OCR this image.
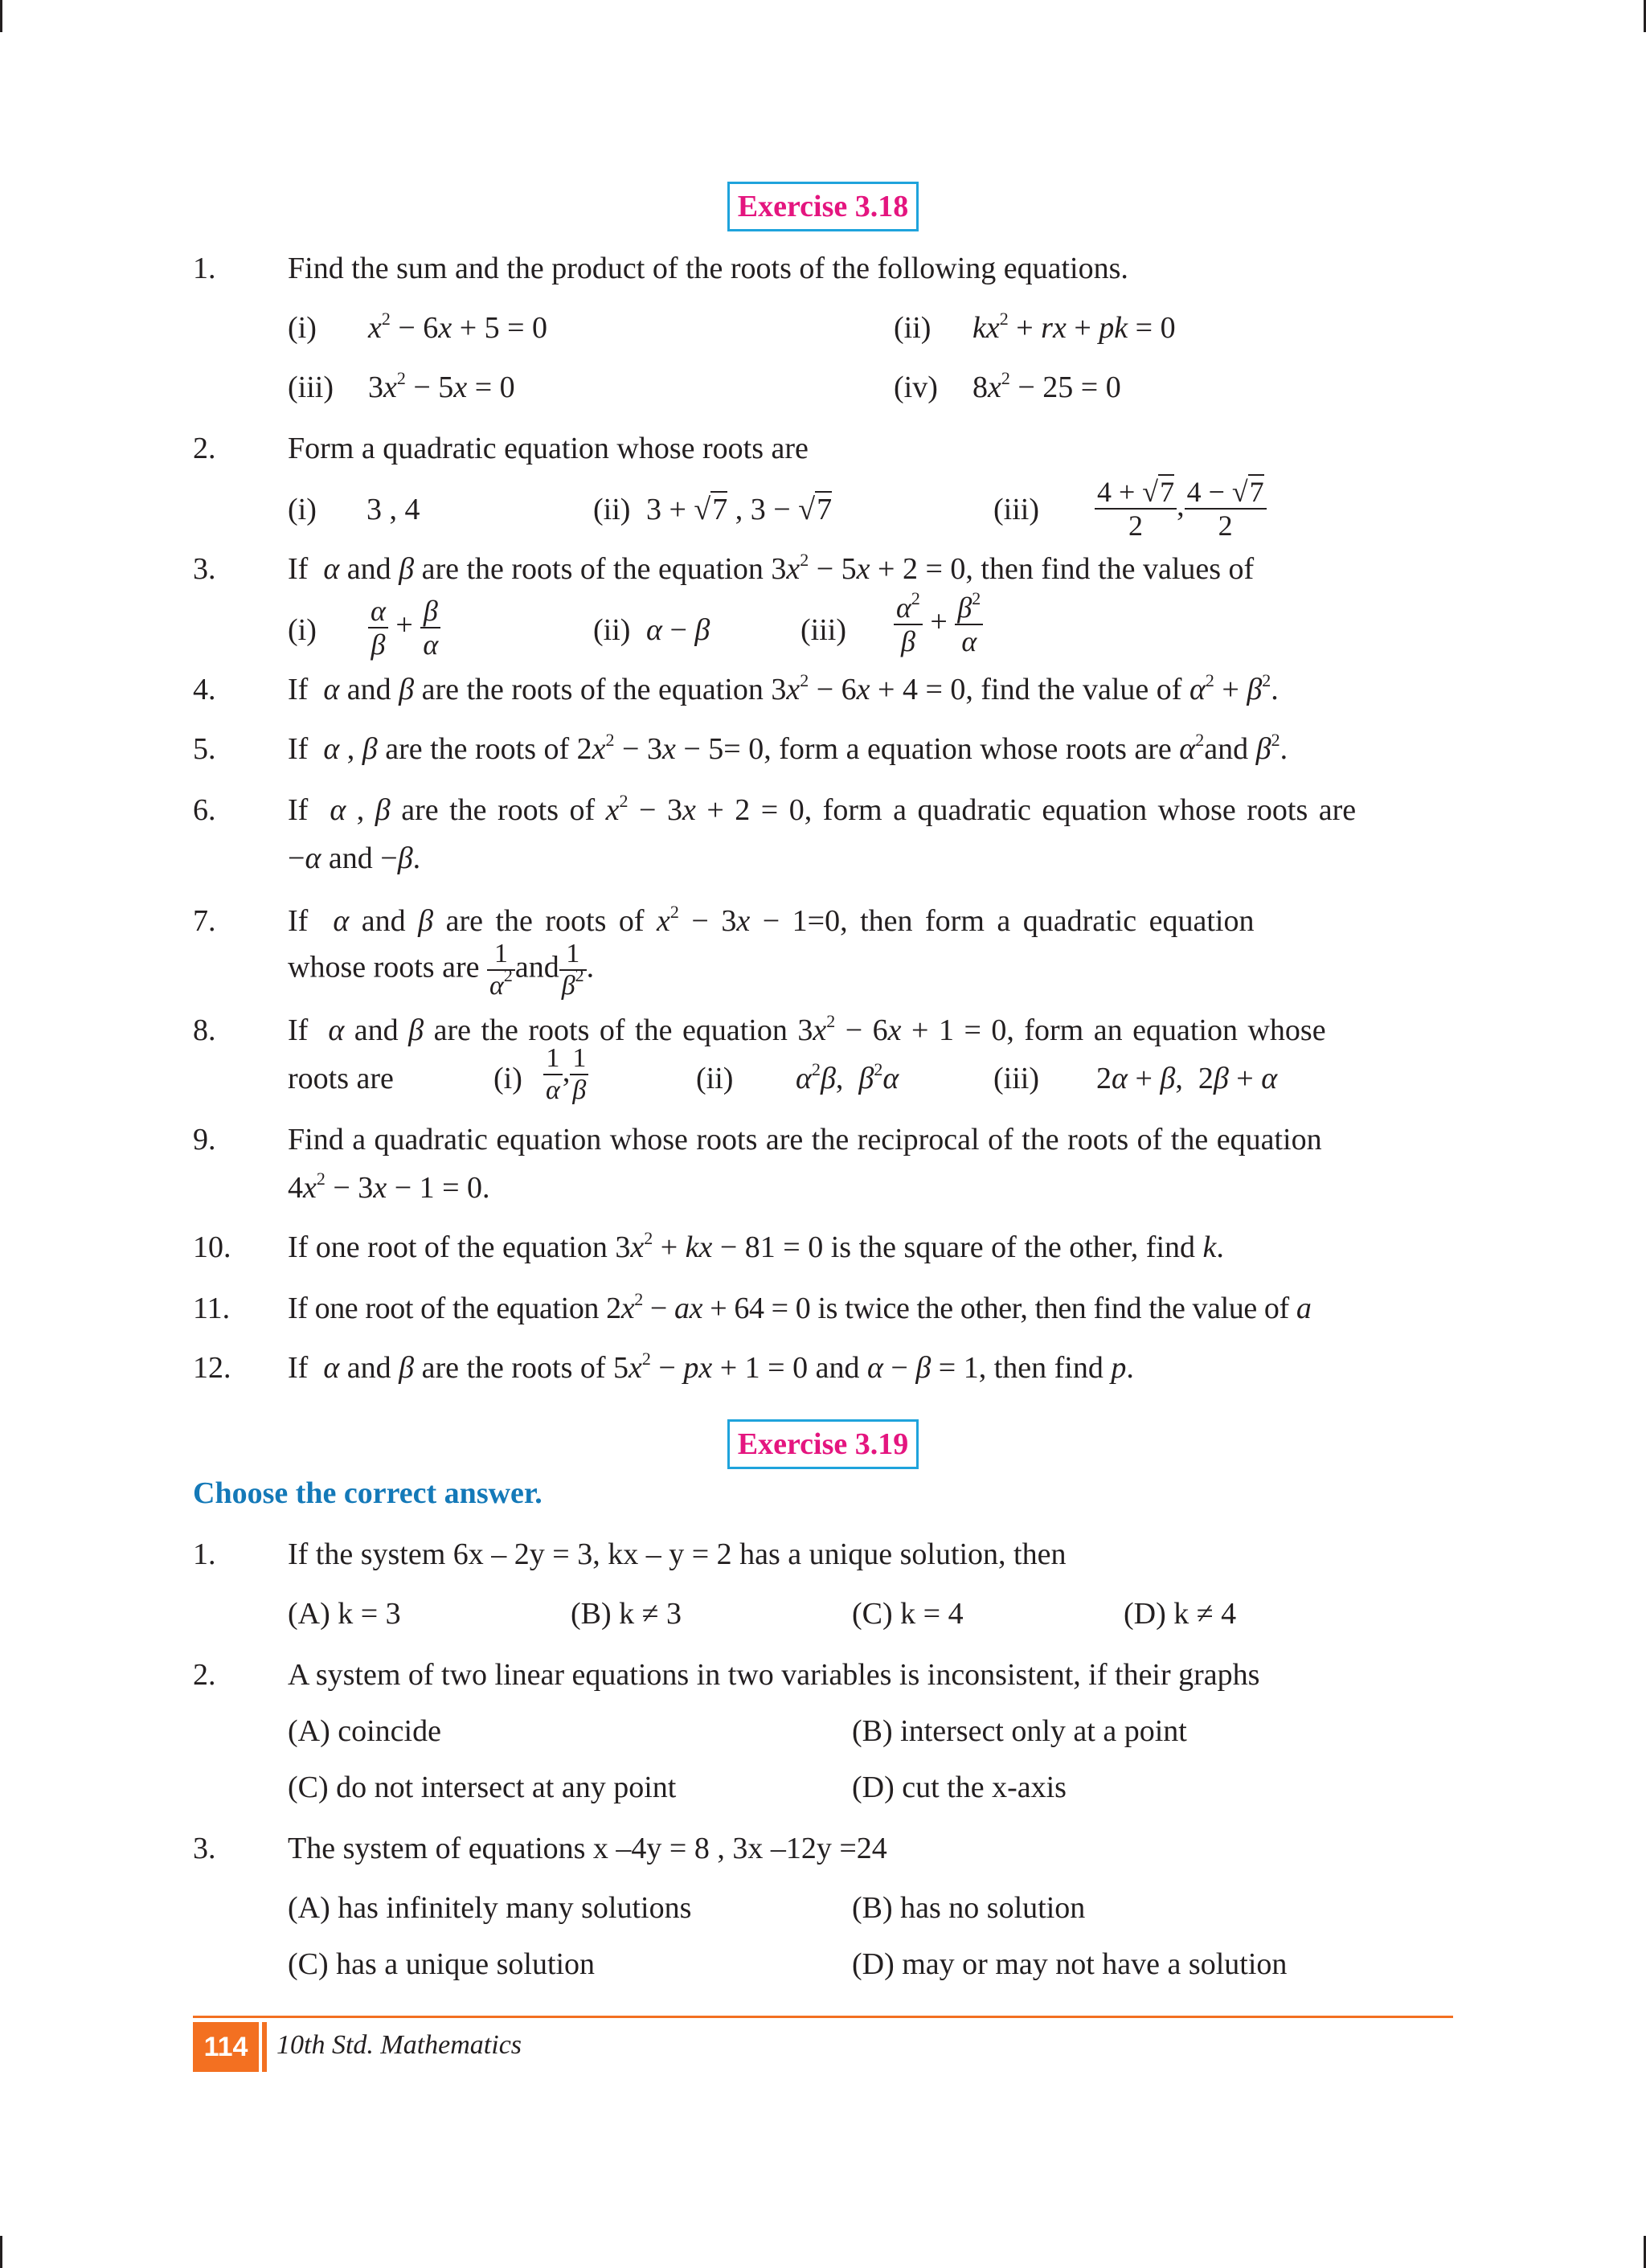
Exercise 3.18
1. Find the sum and the product of the roots of the following equations.
(i) $x^2 - 6x + 5 = 0$	(ii) $kx^2$ + rx + pk = 0
(iii) $3x^2 - 5x = 0$	(iv) $8x^2 - 25 = 0$
2. Form a quadratic equation whose roots are
(i) 3 , 4	(ii) 3 + √7 , 3 − √7	$(iii) \frac{4 + √7}{2}$ , $\frac{4 - √7}{2}$
3. If α and β are the roots of the equation $3x^2 - 5x + 2 = 0$, then find the values of
$(i) \frac{\alpha}{\beta} + \frac{\beta}{\alpha}$	(ii) α − β	$(iii) \frac{\alpha^2}{\beta} + \frac{\beta^2}{\alpha}$
4. If α and β are the roots of the equation $3x^2 - 6x + 4 = 0$, find the value of $\alpha^2 + \beta^2$.
5. If α , β are the roots of $2x^2 - 3x - 5= 0$, form a equation whose roots are $\alpha^2and$ $\beta^2$.
6. If α , β are the roots of $x^2 - 3x + 2 = 0$, form a quadratic equation whose roots are
−α and −β.
7. If α and β are the roots of $x^2 - 3x - 1=0$, then form a quadratic equation
whose roots are $\frac{1}{\alpha^2}$ and $\frac{1}{\beta^2}$ .
8. If α and β are the roots of the equation $3x^2 - 6x + 1 = 0$, form an equation whose
roots are	$(i) \frac{1}{\alpha}$ , $\frac{1}{\beta}$	(ii) $\alpha^2\beta$,  $\beta^2\alpha$	(iii) 2α + β,  2β + α
9. Find a quadratic equation whose roots are the reciprocal of the roots of the equation
$4x^2 - 3x - 1 = 0$.
10. If one root of the equation $3x^2$ + kx − 81 = 0 is the square of the other, find k.
11. If one root of the equation $2x^2$ − ax + 64 = 0 is twice the other, then find the value of a
12. If α and β are the roots of $5x^2$ − px + 1 = 0 and α − β = 1, then find p.
Exercise 3.19
Choose the correct answer.
1. If the system 6x – 2y = 3, kx – y = 2 has a unique solution, then
(A) k = 3	(B) k ≠ 3	(C) k = 4	(D) k ≠ 4
2. A system of two linear equations in two variables is inconsistent, if their graphs
(A) coincide	(B) intersect only at a point
(C) do not intersect at any point	(D) cut the x-axis
3. The system of equations x –4y = 8 , 3x –12y =24
(A) has infinitely many solutions	(B) has no solution
(C) has a unique solution	(D) may or may not have a solution
114	10th Std. Mathematics
